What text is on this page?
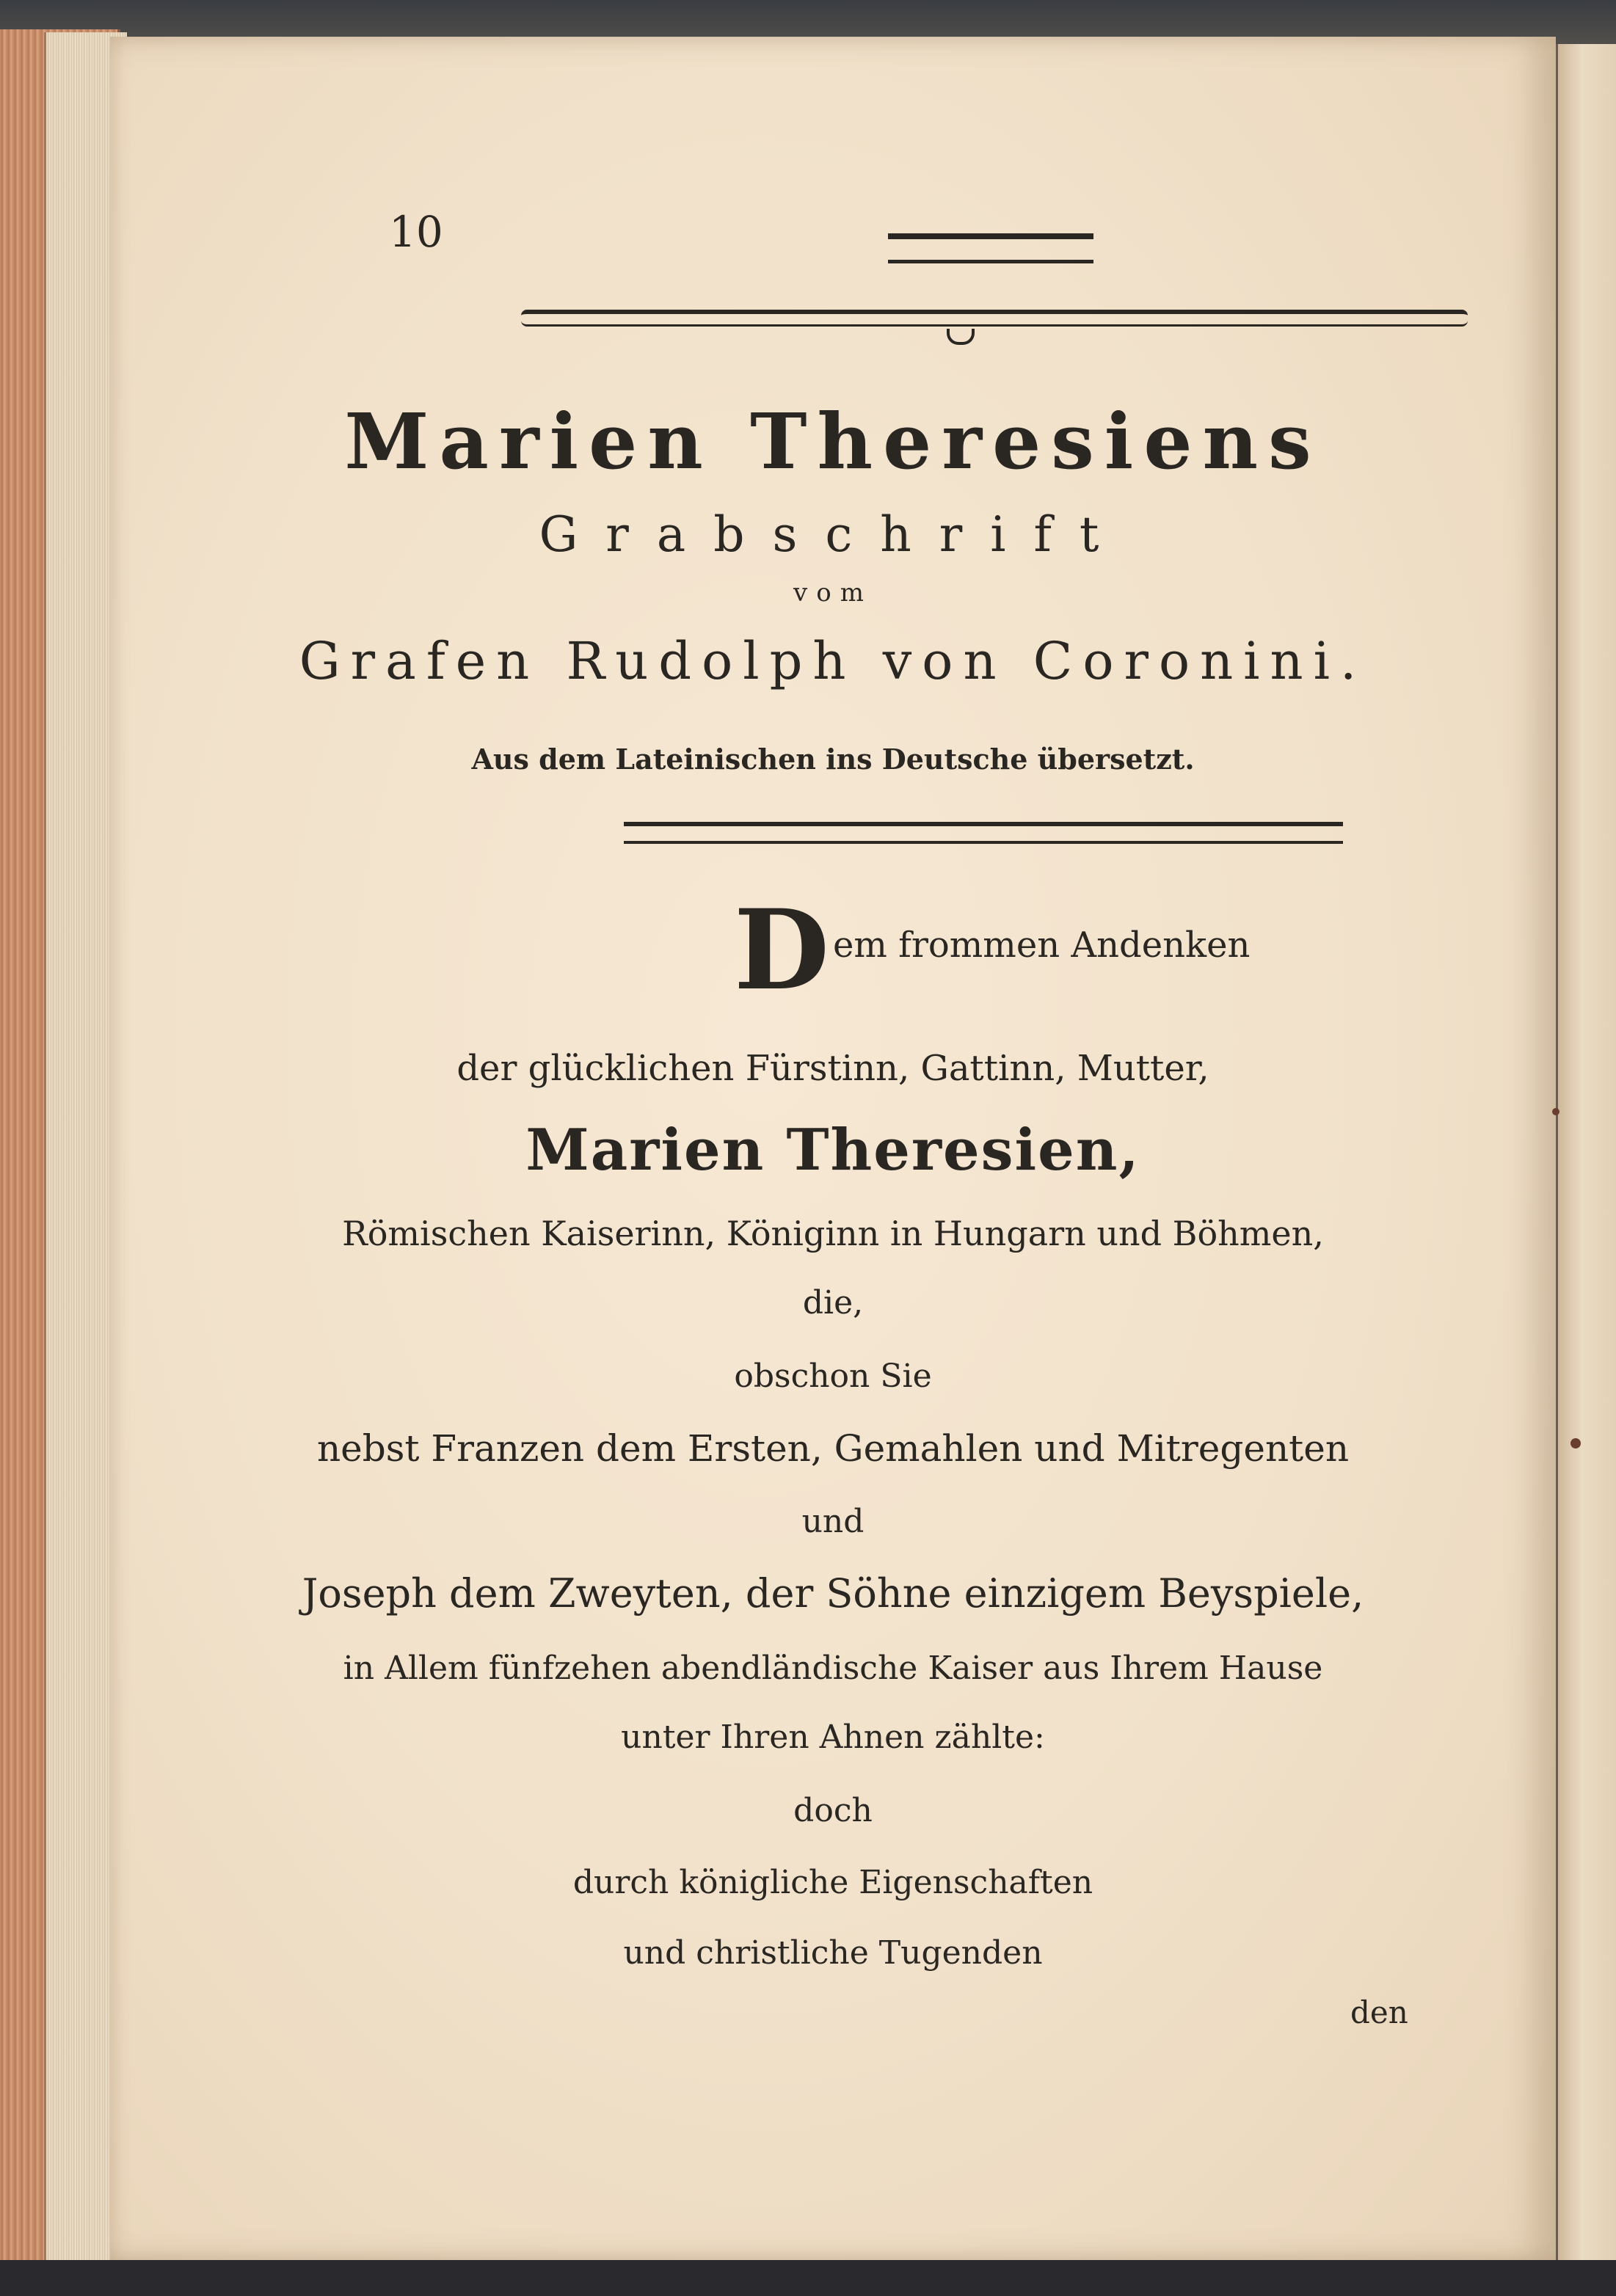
10
Marien Theresiens
Grabschrift
vom
Grafen Rudolph von Coronini.
Aus dem Lateinischen ins Deutsche übersetzt.
D em frommen Andenken
der glücklichen Fürstinn, Gattinn, Mutter,
Marien Theresien,
Römischen Kaiserinn, Königinn in Hungarn und Böhmen,
die,
obschon Sie
nebst Franzen dem Ersten, Gemahlen und Mitregenten
und
Joseph dem Zweyten, der Söhne einzigem Beyspiele,
in Allem fünfzehen abendländische Kaiser aus Ihrem Hause
unter Ihren Ahnen zählte:
doch
durch königliche Eigenschaften
und christliche Tugenden
den
